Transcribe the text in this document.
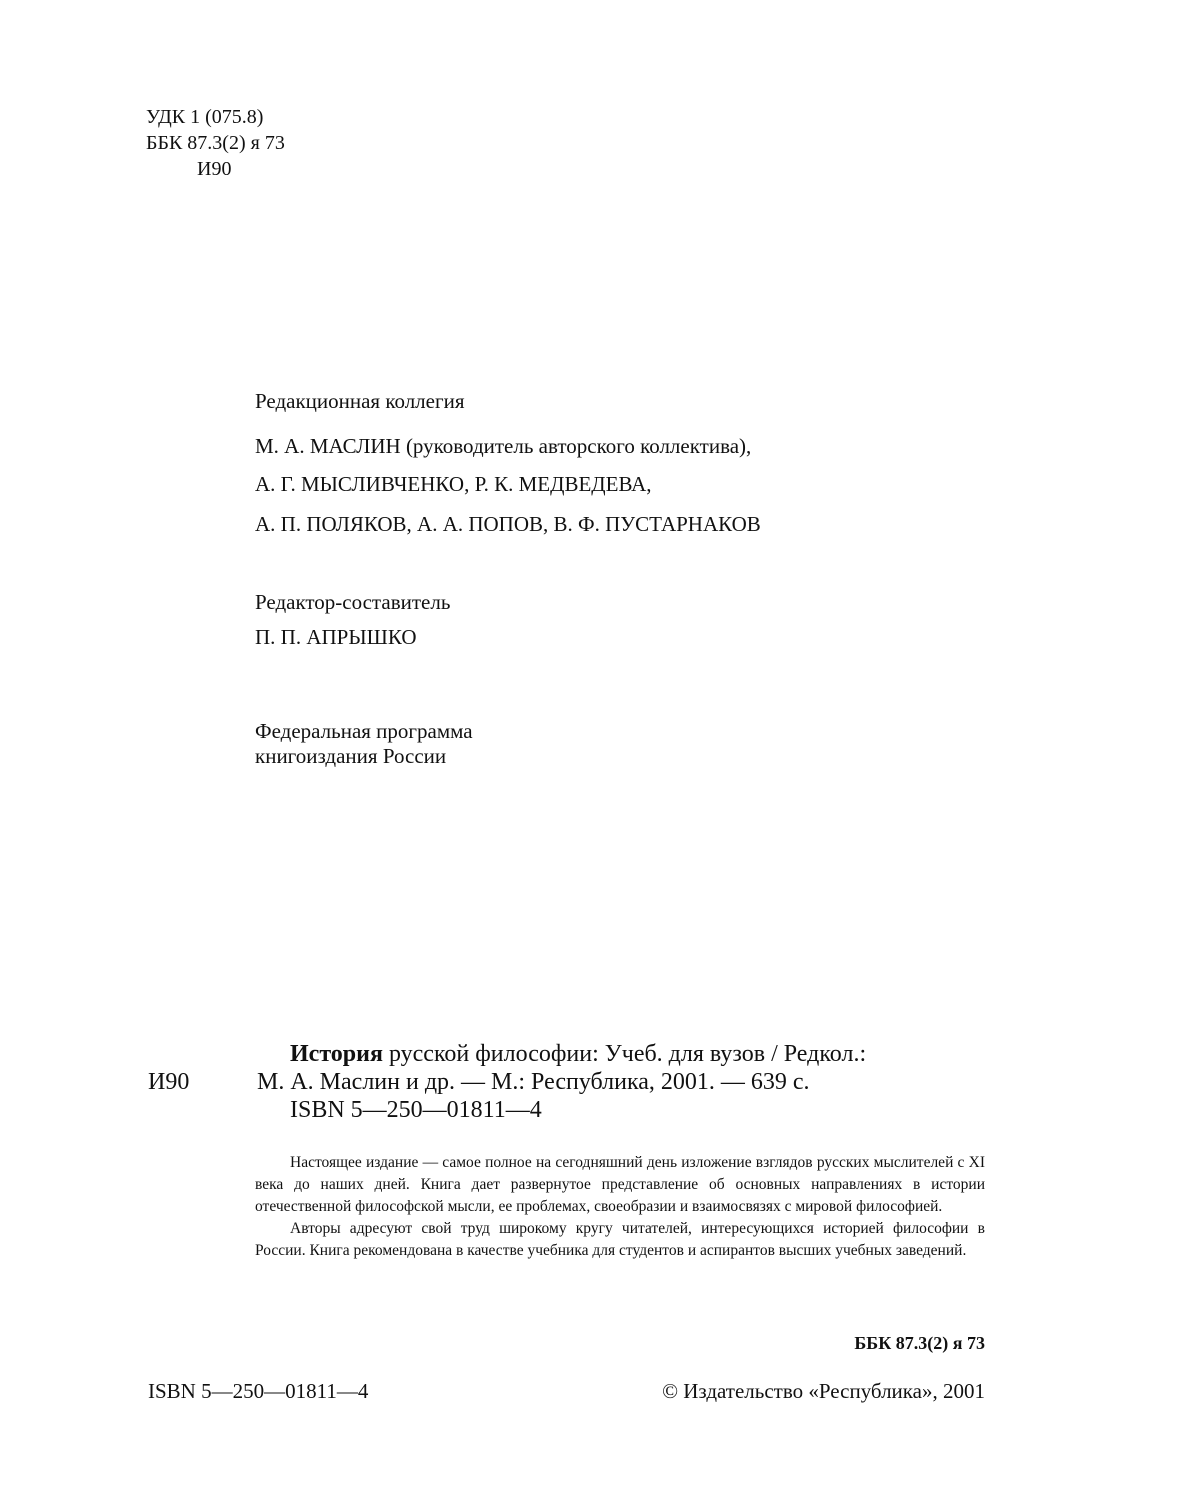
УДК 1 (075.8)
ББК 87.3(2) я 73
И90
Редакционная коллегия
М. А. МАСЛИН (руководитель авторского коллектива),
А. Г. МЫСЛИВЧЕНКО, Р. К. МЕДВЕДЕВА,
А. П. ПОЛЯКОВ, А. А. ПОПОВ, В. Ф. ПУСТАРНАКОВ
Редактор-составитель
П. П. АПРЫШКО
Федеральная программа
книгоиздания России
И90
История русской философии: Учеб. для вузов / Редкол.:
М. А. Маслин и др. — М.: Республика, 2001. — 639 с.
ISBN 5—250—01811—4

Настоящее издание — самое полное на сегодняшний день изложение взглядов русских мыслителей с XI века до наших дней. Книга дает развернутое представление об основных направлениях в истории отечественной философской мысли, ее проблемах, своеобразии и взаимосвязях с мировой философией.

Авторы адресуют свой труд широкому кругу читателей, интересующихся историей философии в России. Книга рекомендована в качестве учебника для студентов и аспирантов высших учебных заведений.

ББК 87.3(2) я 73
ISBN 5—250—01811—4	© Издательство «Республика», 2001
